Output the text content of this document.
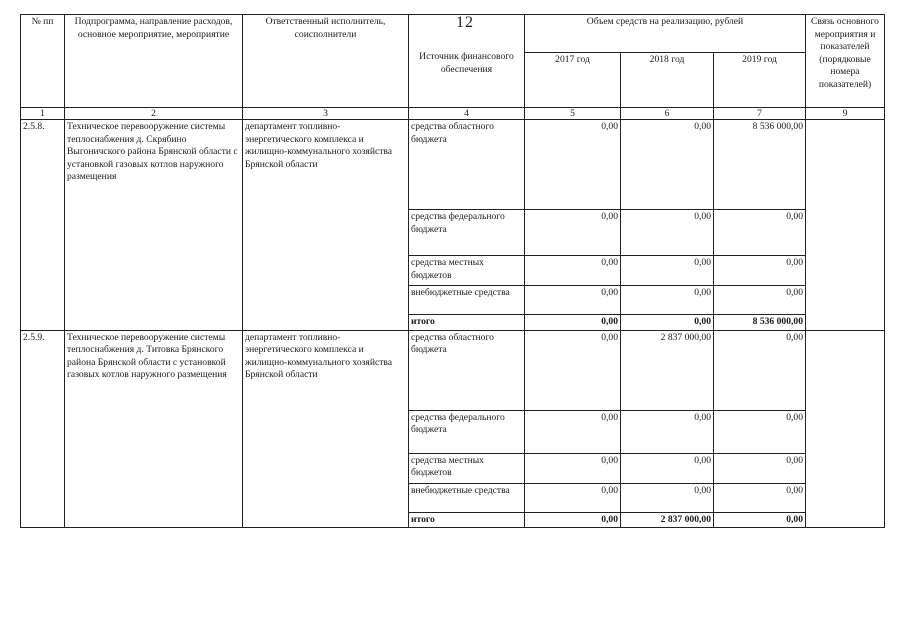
12
№ пп	Подпрограмма, направление расходов, основное мероприятие, мероприятие	Ответственный исполнитель, соисполнители	Источник финансового обеспечения	Объем средств на реализацию, рублей			Связь основного мероприятия и показателей (порядковые номера показателей)
				2017 год	2018 год	2019 год	
1	2	3	4	5	6	7	9
2.5.8.	Техническое перевооружение системы теплоснабжения д. Скрябино Выгоничского района Брянской области с установкой газовых котлов наружного размещения	департамент топливно-энергетического комплекса и жилищно-коммунального хозяйства Брянской области	средства областного бюджета	0,00	0,00	8 536 000,00	
			средства федерального бюджета	0,00	0,00	0,00	
			средства местных бюджетов	0,00	0,00	0,00	
			внебюджетные средства	0,00	0,00	0,00	
			итого	0,00	0,00	8 536 000,00	
2.5.9.	Техническое перевооружение системы теплоснабжения д. Титовка Брянского района Брянской области с установкой газовых котлов наружного размещения	департамент топливно-энергетического комплекса и жилищно-коммунального хозяйства Брянской области	средства областного бюджета	0,00	2 837 000,00	0,00	
			средства федерального бюджета	0,00	0,00	0,00	
			средства местных бюджетов	0,00	0,00	0,00	
			внебюджетные средства	0,00	0,00	0,00	
			итого	0,00	2 837 000,00	0,00	
